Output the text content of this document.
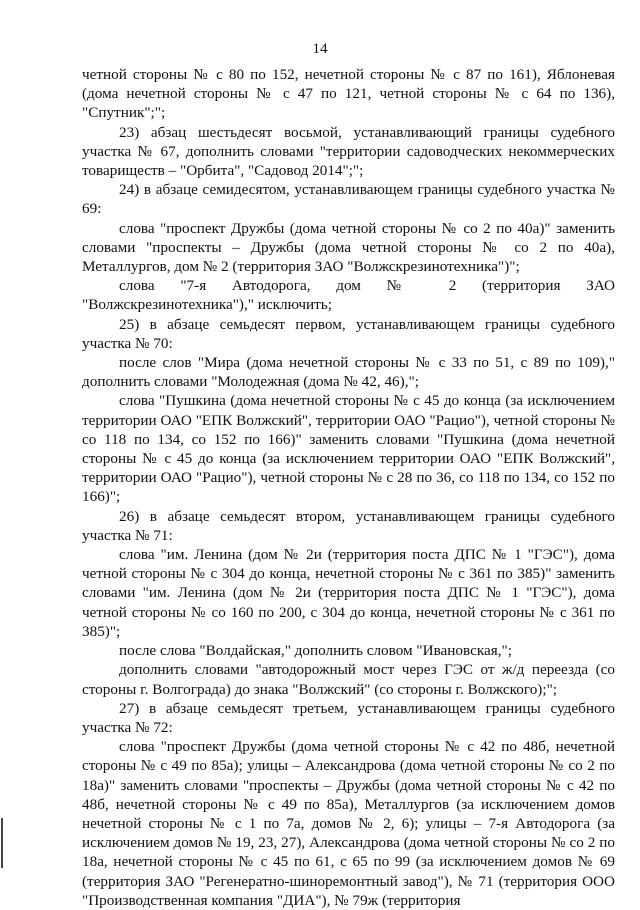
14

четной стороны № с 80 по 152, нечетной стороны № с 87 по 161), Яблоневая (дома нечетной стороны № с 47 по 121, четной стороны № с 64 по 136), "Спутник";";

23) абзац шестьдесят восьмой, устанавливающий границы судебного участка № 67, дополнить словами "территории садоводческих некоммерческих товариществ – "Орбита", "Садовод 2014";";

24) в абзаце семидесятом, устанавливающем границы судебного участка № 69:

слова "проспект Дружбы (дома четной стороны № со 2 по 40а)" заменить словами "проспекты – Дружбы (дома четной стороны № со 2 по 40а), Металлургов, дом № 2 (территория ЗАО "Волжскрезинотехника")";

слова "7-я Автодорога, дом № 2 (территория ЗАО "Волжскрезинотехника")," исключить;

25) в абзаце семьдесят первом, устанавливающем границы судебного участка № 70:

после слов "Мира (дома нечетной стороны № с 33 по 51, с 89 по 109)," дополнить словами "Молодежная (дома № 42, 46),";

слова "Пушкина (дома нечетной стороны № с 45 до конца (за исключением территории ОАО "ЕПК Волжский", территории ОАО "Рацио"), четной стороны № со 118 по 134, со 152 по 166)" заменить словами "Пушкина (дома нечетной стороны № с 45 до конца (за исключением территории ОАО "ЕПК Волжский", территории ОАО "Рацио"), четной стороны № с 28 по 36, со 118 по 134, со 152 по 166)";

26) в абзаце семьдесят втором, устанавливающем границы судебного участка № 71:

слова "им. Ленина (дом № 2и (территория поста ДПС № 1 "ГЭС"), дома четной стороны № с 304 до конца, нечетной стороны № с 361 по 385)" заменить словами "им. Ленина (дом № 2и (территория поста ДПС № 1 "ГЭС"), дома четной стороны № со 160 по 200, с 304 до конца, нечетной стороны № с 361 по 385)";

после слова "Волдайская," дополнить словом "Ивановская,";

дополнить словами "автодорожный мост через ГЭС от ж/д переезда (со стороны г. Волгограда) до знака "Волжский" (со стороны г. Волжского);";

27) в абзаце семьдесят третьем, устанавливающем границы судебного участка № 72:

слова "проспект Дружбы (дома четной стороны № с 42 по 48б, нечетной стороны № с 49 по 85а); улицы – Александрова (дома четной стороны № со 2 по 18а)" заменить словами "проспекты – Дружбы (дома четной стороны № с 42 по 48б, нечетной стороны № с 49 по 85а), Металлургов (за исключением домов нечетной стороны № с 1 по 7а, домов № 2, 6); улицы – 7-я Автодорога (за исключением домов № 19, 23, 27), Александрова (дома четной стороны № со 2 по 18а, нечетной стороны № с 45 по 61, с 65 по 99 (за исключением домов № 69 (территория ЗАО "Регенератно-шиноремонтный завод"), № 71 (территория ООО "Производственная компания "ДИА"), № 79ж (территория
